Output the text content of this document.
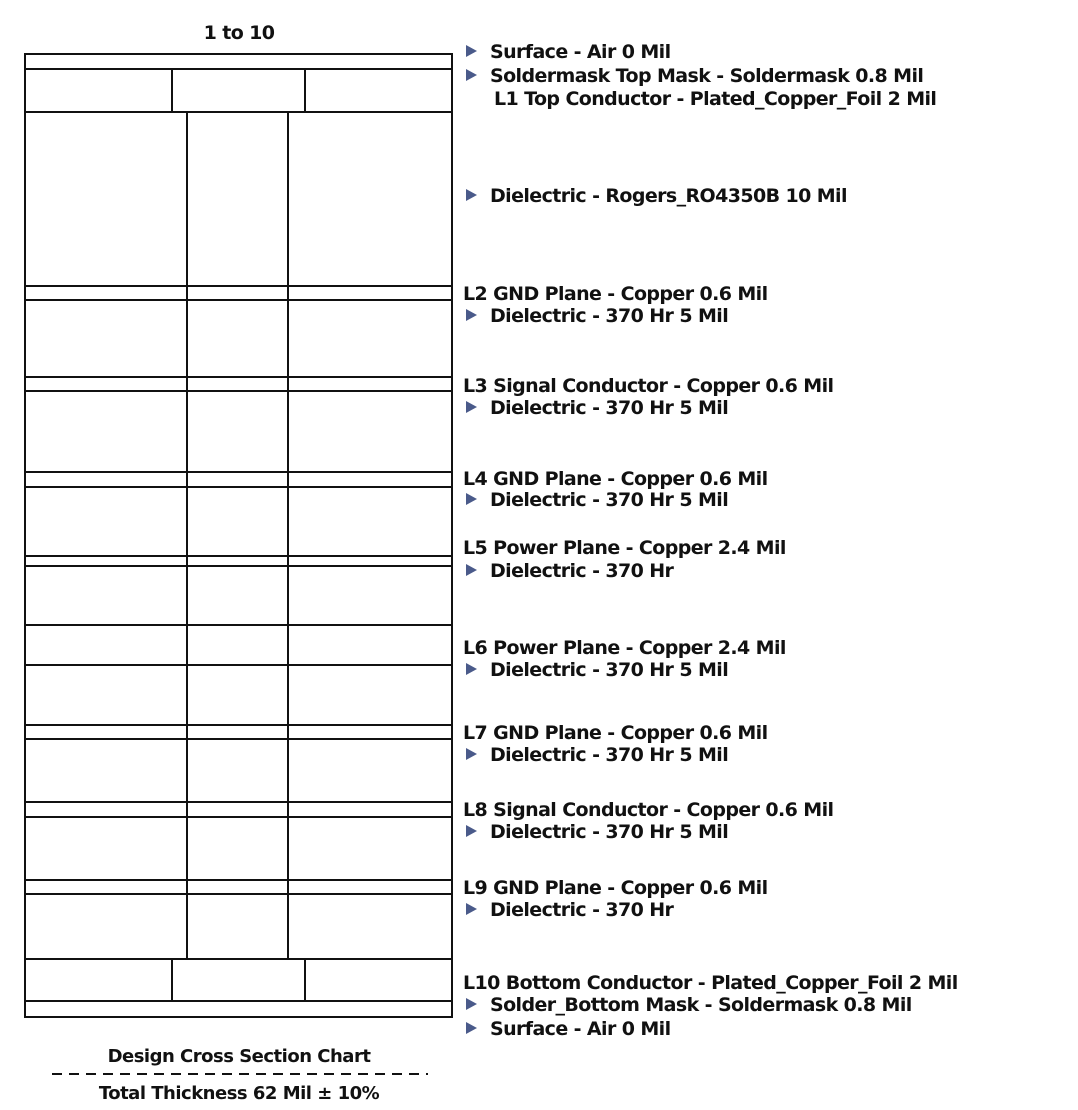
1 to 10
Surface - Air 0 Mil
Soldermask Top Mask - Soldermask 0.8 Mil
L1 Top Conductor - Plated_Copper_Foil 2 Mil
Dielectric - Rogers_RO4350B 10 Mil
L2 GND Plane - Copper 0.6 Mil
Dielectric - 370 Hr 5 Mil
L3 Signal Conductor - Copper 0.6 Mil
Dielectric - 370 Hr 5 Mil
L4 GND Plane - Copper 0.6 Mil
Dielectric - 370 Hr 5 Mil
L5 Power Plane - Copper 2.4 Mil
Dielectric - 370 Hr
L6 Power Plane - Copper 2.4 Mil
Dielectric - 370 Hr 5 Mil
L7 GND Plane - Copper 0.6 Mil
Dielectric - 370 Hr 5 Mil
L8 Signal Conductor - Copper 0.6 Mil
Dielectric - 370 Hr 5 Mil
L9 GND Plane - Copper 0.6 Mil
Dielectric - 370 Hr
L10 Bottom Conductor - Plated_Copper_Foil 2 Mil
Solder_Bottom Mask - Soldermask 0.8 Mil
Surface - Air 0 Mil
Design Cross Section Chart
Total Thickness 62 Mil ± 10%
